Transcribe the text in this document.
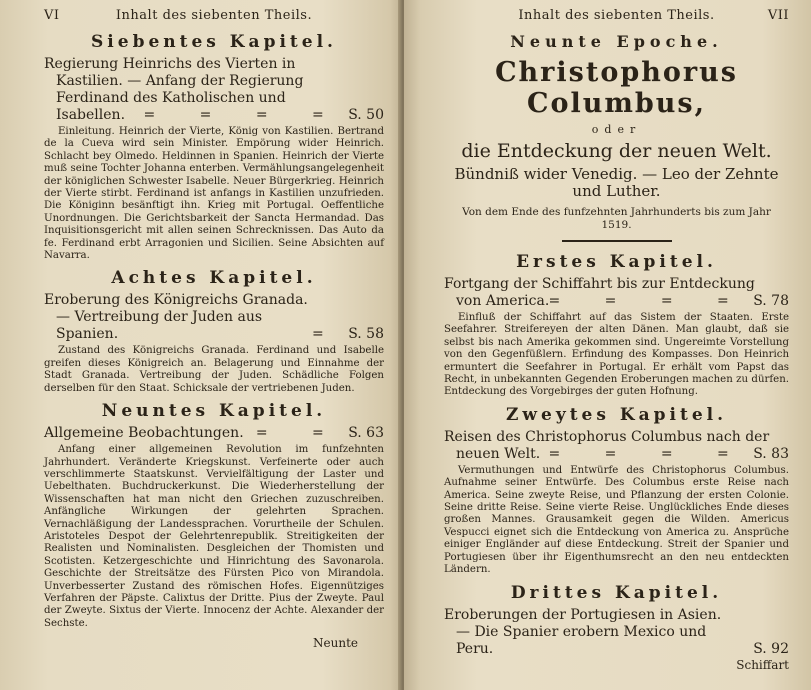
VI	Inhalt des siebenten Theils.
Siebentes Kapitel.
Regierung Heinrichs des Vierten in Kastilien. — Anfang der Regierung Ferdinand des Katholischen und Isabellen.	= = = = S. 50
Einleitung. Heinrich der Vierte, König von Kastilien. Bertrand de la Cueva wird sein Minister. Empörung wider Heinrich. Schlacht bey Olmedo. Heldinnen in Spanien. Heinrich der Vierte muß seine Tochter Johanna enterben. Vermählungsangelegenheit der königlichen Schwester Isabelle. Neuer Bürgerkrieg. Heinrich der Vierte stirbt. Ferdinand ist anfangs in Kastilien unzufrieden. Die Königinn besänftigt ihn. Krieg mit Portugal. Oeffentliche Unordnungen. Die Gerichtsbarkeit der Sancta Hermandad. Das Inquisitionsgericht mit allen seinen Schrecknissen. Das Auto da fe. Ferdinand erbt Arragonien und Sicilien. Seine Absichten auf Navarra.
Achtes Kapitel.
Eroberung des Königreichs Granada. — Vertreibung der Juden aus Spanien.	= S. 58
Zustand des Königreichs Granada. Ferdinand und Isabelle greifen dieses Königreich an. Belagerung und Einnahme der Stadt Granada. Vertreibung der Juden. Schädliche Folgen derselben für den Staat. Schicksale der vertriebenen Juden.
Neuntes Kapitel.
Allgemeine Beobachtungen. = = S. 63
Anfang einer allgemeinen Revolution im funfzehnten Jahrhundert. Veränderte Kriegskunst. Verfeinerte oder auch verschlimmerte Staatskunst. Vervielfältigung der Laster und Uebelthaten. Buchdruckerkunst. Die Wiederherstellung der Wissenschaften hat man nicht den Griechen zuzuschreiben. Anfängliche Wirkungen der gelehrten Sprachen. Vernachläßigung der Landessprachen. Vorurtheile der Schulen. Aristoteles Despot der Gelehrtenrepublik. Streitigkeiten der Realisten und Nominalisten. Desgleichen der Thomisten und Scotisten. Ketzergeschichte und Hinrichtung des Savonarola. Geschichte der Streitsätze des Fürsten Pico von Mirandola. Unverbesserter Zustand des römischen Hofes. Eigennütziges Verfahren der Päpste. Calixtus der Dritte. Pius der Zweyte. Paul der Zweyte. Sixtus der Vierte. Innocenz der Achte. Alexander der Sechste.
Neunte
Inhalt des siebenten Theils.	VII
Neunte Epoche.
Christophorus Columbus,
oder
die Entdeckung der neuen Welt.
Bündniß wider Venedig. — Leo der Zehnte und Luther.
Von dem Ende des funfzehnten Jahrhunderts bis zum Jahr 1519.
Erstes Kapitel.
Fortgang der Schiffahrt bis zur Entdeckung von America. = = = = S. 78
Einfluß der Schiffahrt auf das Sistem der Staaten. Erste Seefahrer. Streifereyen der alten Dänen. Man glaubt, daß sie selbst bis nach Amerika gekommen sind. Ungereimte Vorstellung von den Gegenfüßlern. Erfindung des Kompasses. Don Heinrich ermuntert die Seefahrer in Portugal. Er erhält vom Papst das Recht, in unbekannten Gegenden Eroberungen machen zu dürfen. Entdeckung des Vorgebirges der guten Hofnung.
Zweytes Kapitel.
Reisen des Christophorus Columbus nach der neuen Welt. = = = = S. 83
Vermuthungen und Entwürfe des Christophorus Columbus. Aufnahme seiner Entwürfe. Des Columbus erste Reise nach America. Seine zweyte Reise, und Pflanzung der ersten Colonie. Seine dritte Reise. Seine vierte Reise. Unglückliches Ende dieses großen Mannes. Grausamkeit gegen die Wilden. Americus Vespucci eignet sich die Entdeckung von America zu. Ansprüche einiger Engländer auf diese Entdeckung. Streit der Spanier und Portugiesen über ihr Eigenthumsrecht an den neu entdeckten Ländern.
Drittes Kapitel.
Eroberungen der Portugiesen in Asien. — Die Spanier erobern Mexico und Peru.	S. 92
Schiffart
